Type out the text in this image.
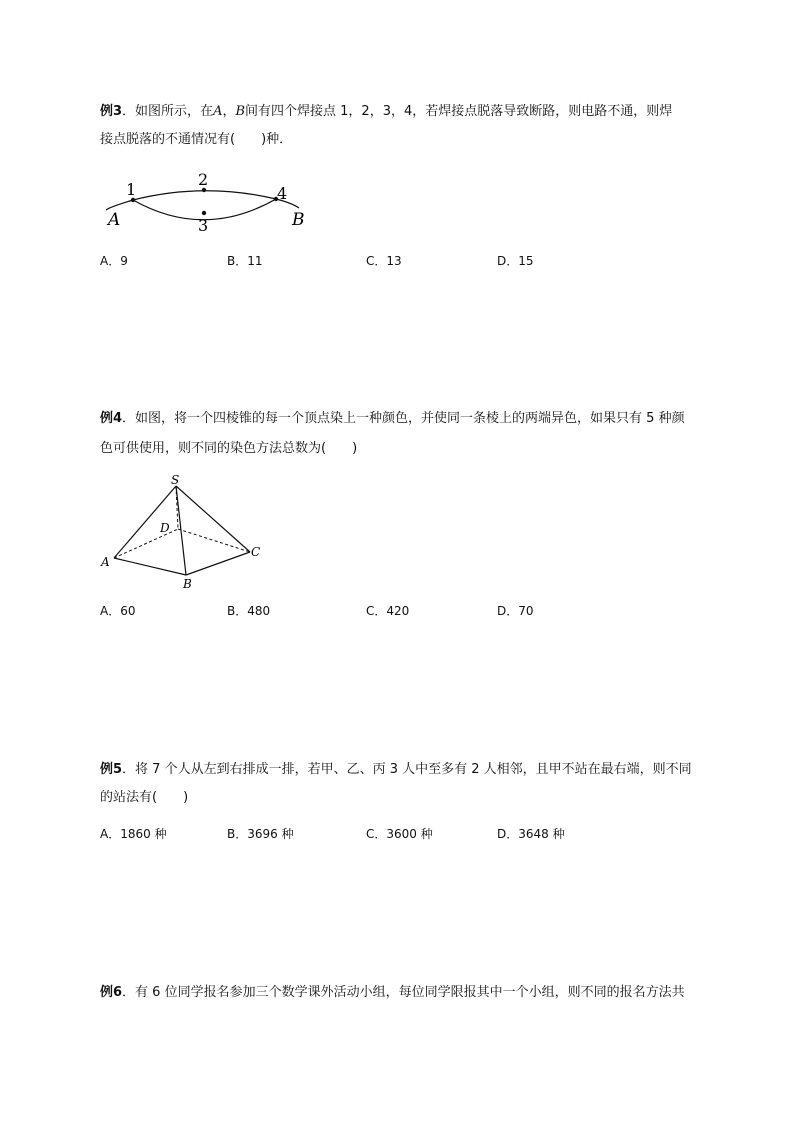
例3．如图所示，在A，B间有四个焊接点 1，2，3，4，若焊接点脱落导致断路，则电路不通，则焊

接点脱落的不通情况有(　　)种．

1
2
3
4
A	B
A．9	B．11	C．13	D．15

例4．如图，将一个四棱锥的每一个顶点染上一种颜色，并使同一条棱上的两端异色，如果只有 5 种颜

色可供使用，则不同的染色方法总数为(　　)

S
D
A
C
B
A．60	B．480	C．420	D．70

例5．将 7 个人从左到右排成一排，若甲、乙、丙 3 人中至多有 2 人相邻，且甲不站在最右端，则不同

的站法有(　　)

A．1860 种	B．3696 种	C．3600 种	D．3648 种

例6．有 6 位同学报名参加三个数学课外活动小组，每位同学限报其中一个小组，则不同的报名方法共
